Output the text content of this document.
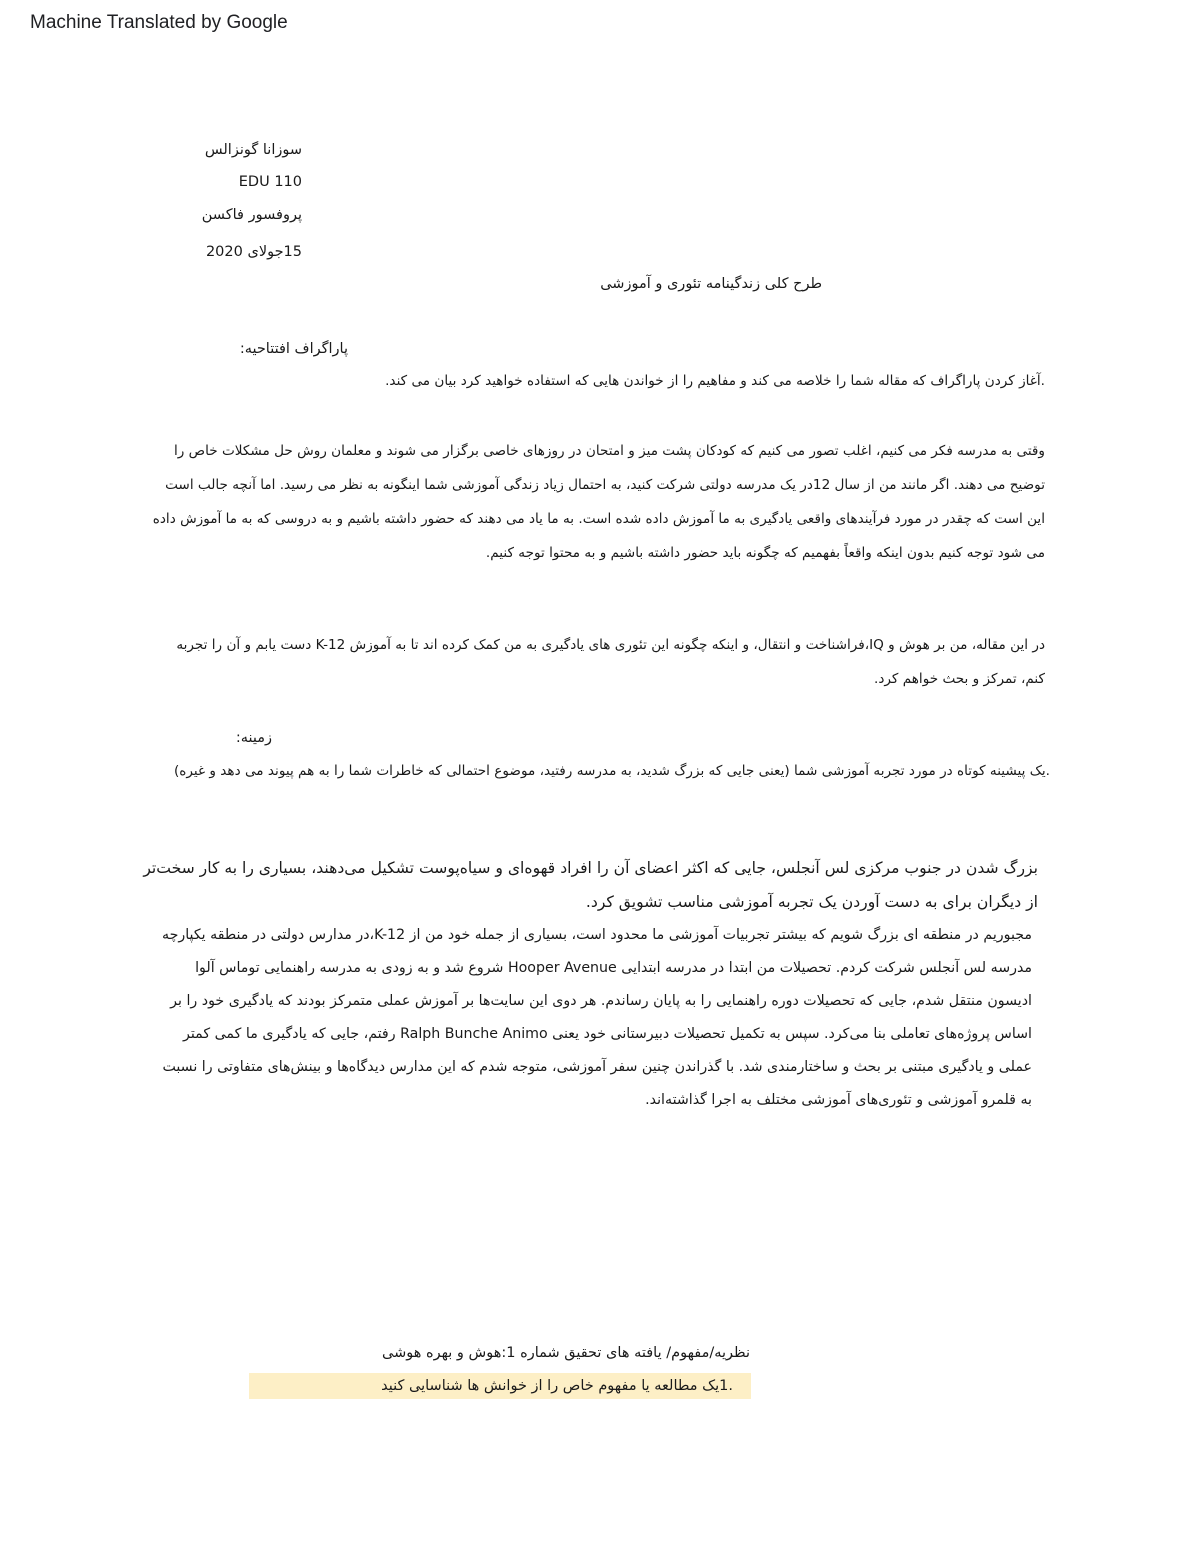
Machine Translated by Google
سوزانا گونزالس
EDU 110
پروفسور فاکسن
15جولای 2020
طرح کلی زندگینامه تئوری و آموزشی
پاراگراف افتتاحیه:
.آغاز کردن پاراگراف که مقاله شما را خلاصه می کند و مفاهیم را از خواندن هایی که استفاده خواهید کرد بیان می کند.
وقتی به مدرسه فکر می کنیم، اغلب تصور می کنیم که کودکان پشت میز و امتحان در روزهای خاصی برگزار می شوند و معلمان روش حل مشکلات خاص را توضیح می دهند. اگر مانند من از سال 12در یک مدرسه دولتی شرکت کنید، به احتمال زیاد زندگی آموزشی شما اینگونه به نظر می رسید. اما آنچه جالب است این است که چقدر در مورد فرآیندهای واقعی یادگیری به ما آموزش داده شده است. به ما یاد می دهند که حضور داشته باشیم و به دروسی که به ما آموزش داده می شود توجه کنیم بدون اینکه واقعاً بفهمیم که چگونه باید حضور داشته باشیم و به محتوا توجه کنیم.
در این مقاله، من بر هوش و IQ،فراشناخت و انتقال، و اینکه چگونه این تئوری های یادگیری به من کمک کرده اند تا به آموزش K-12 دست یابم و آن را تجربه کنم، تمرکز و بحث خواهم کرد.
زمینه:
.یک پیشینه کوتاه در مورد تجربه آموزشی شما (یعنی جایی که بزرگ شدید، به مدرسه رفتید، موضوع احتمالی که خاطرات شما را به هم پیوند می دهد و غیره)
بزرگ شدن در جنوب مرکزی لس آنجلس، جایی که اکثر اعضای آن را افراد قهوه‌ای و سیاه‌پوست تشکیل می‌دهند، بسیاری را به کار سخت‌تر از دیگران برای به دست آوردن یک تجربه آموزشی مناسب تشویق کرد.
مجبوریم در منطقه ای بزرگ شویم که بیشتر تجربیات آموزشی ما محدود است، بسیاری از جمله خود من از K-12،در مدارس دولتی در منطقه یکپارچه مدرسه لس آنجلس شرکت کردم. تحصیلات من ابتدا در مدرسه ابتدایی Hooper Avenue شروع شد و به زودی به مدرسه راهنمایی توماس آلوا ادیسون منتقل شدم، جایی که تحصیلات دوره راهنمایی را به پایان رساندم. هر دوی این سایت‌ها بر آموزش عملی متمرکز بودند که یادگیری خود را بر اساس پروژه‌های تعاملی بنا می‌کرد. سپس به تکمیل تحصیلات دبیرستانی خود یعنی Ralph Bunche Animo رفتم، جایی که یادگیری ما کمی کمتر عملی و یادگیری مبتنی بر بحث و ساختارمندی شد. با گذراندن چنین سفر آموزشی، متوجه شدم که این مدارس دیدگاه‌ها و بینش‌های متفاوتی را نسبت به قلمرو آموزشی و تئوری‌های آموزشی مختلف به اجرا گذاشته‌اند.
نظریه/مفهوم/ یافته های تحقیق شماره 1:هوش و بهره هوشی
.1یک مطالعه یا مفهوم خاص را از خوانش ها شناسایی کنید
